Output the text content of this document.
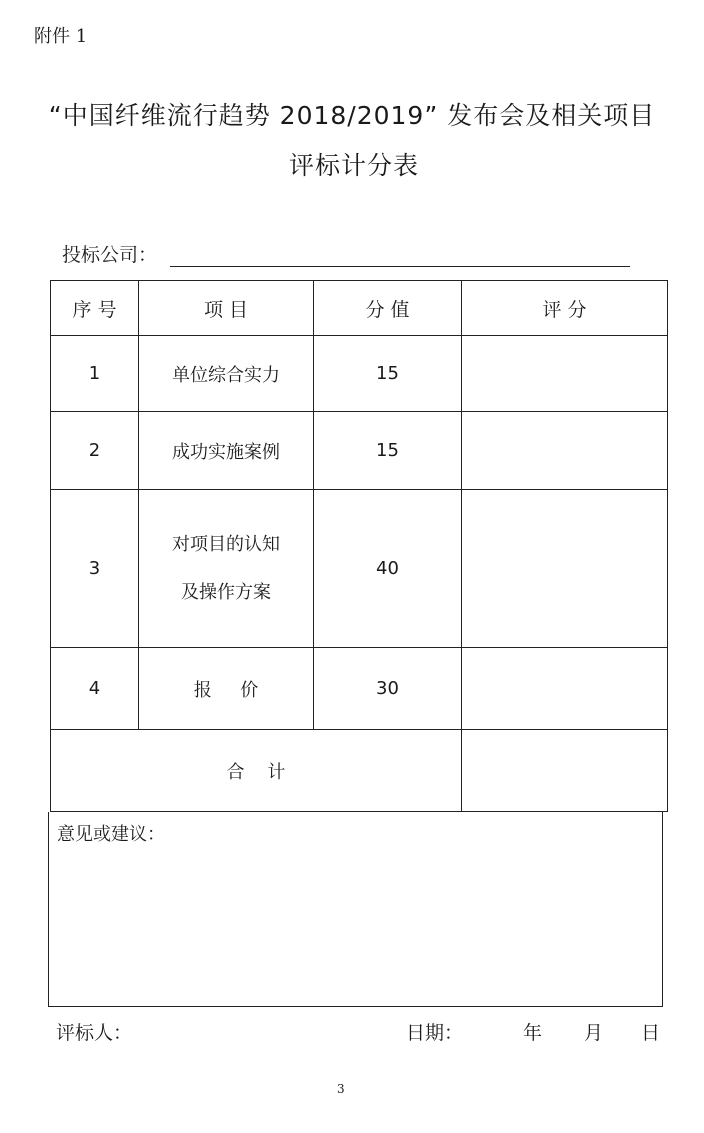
附件 1
“中国纤维流行趋势 2018/2019” 发布会及相关项目
评标计分表
投标公司：
序 号	项 目	分 值	评 分
1	单位综合实力	15	
2	成功实施案例	15	
3	对项目的认知
及操作方案	40	
4	报     价	30	
合    计			
意见或建议：
评标人：	日期：	年 月 日
3
